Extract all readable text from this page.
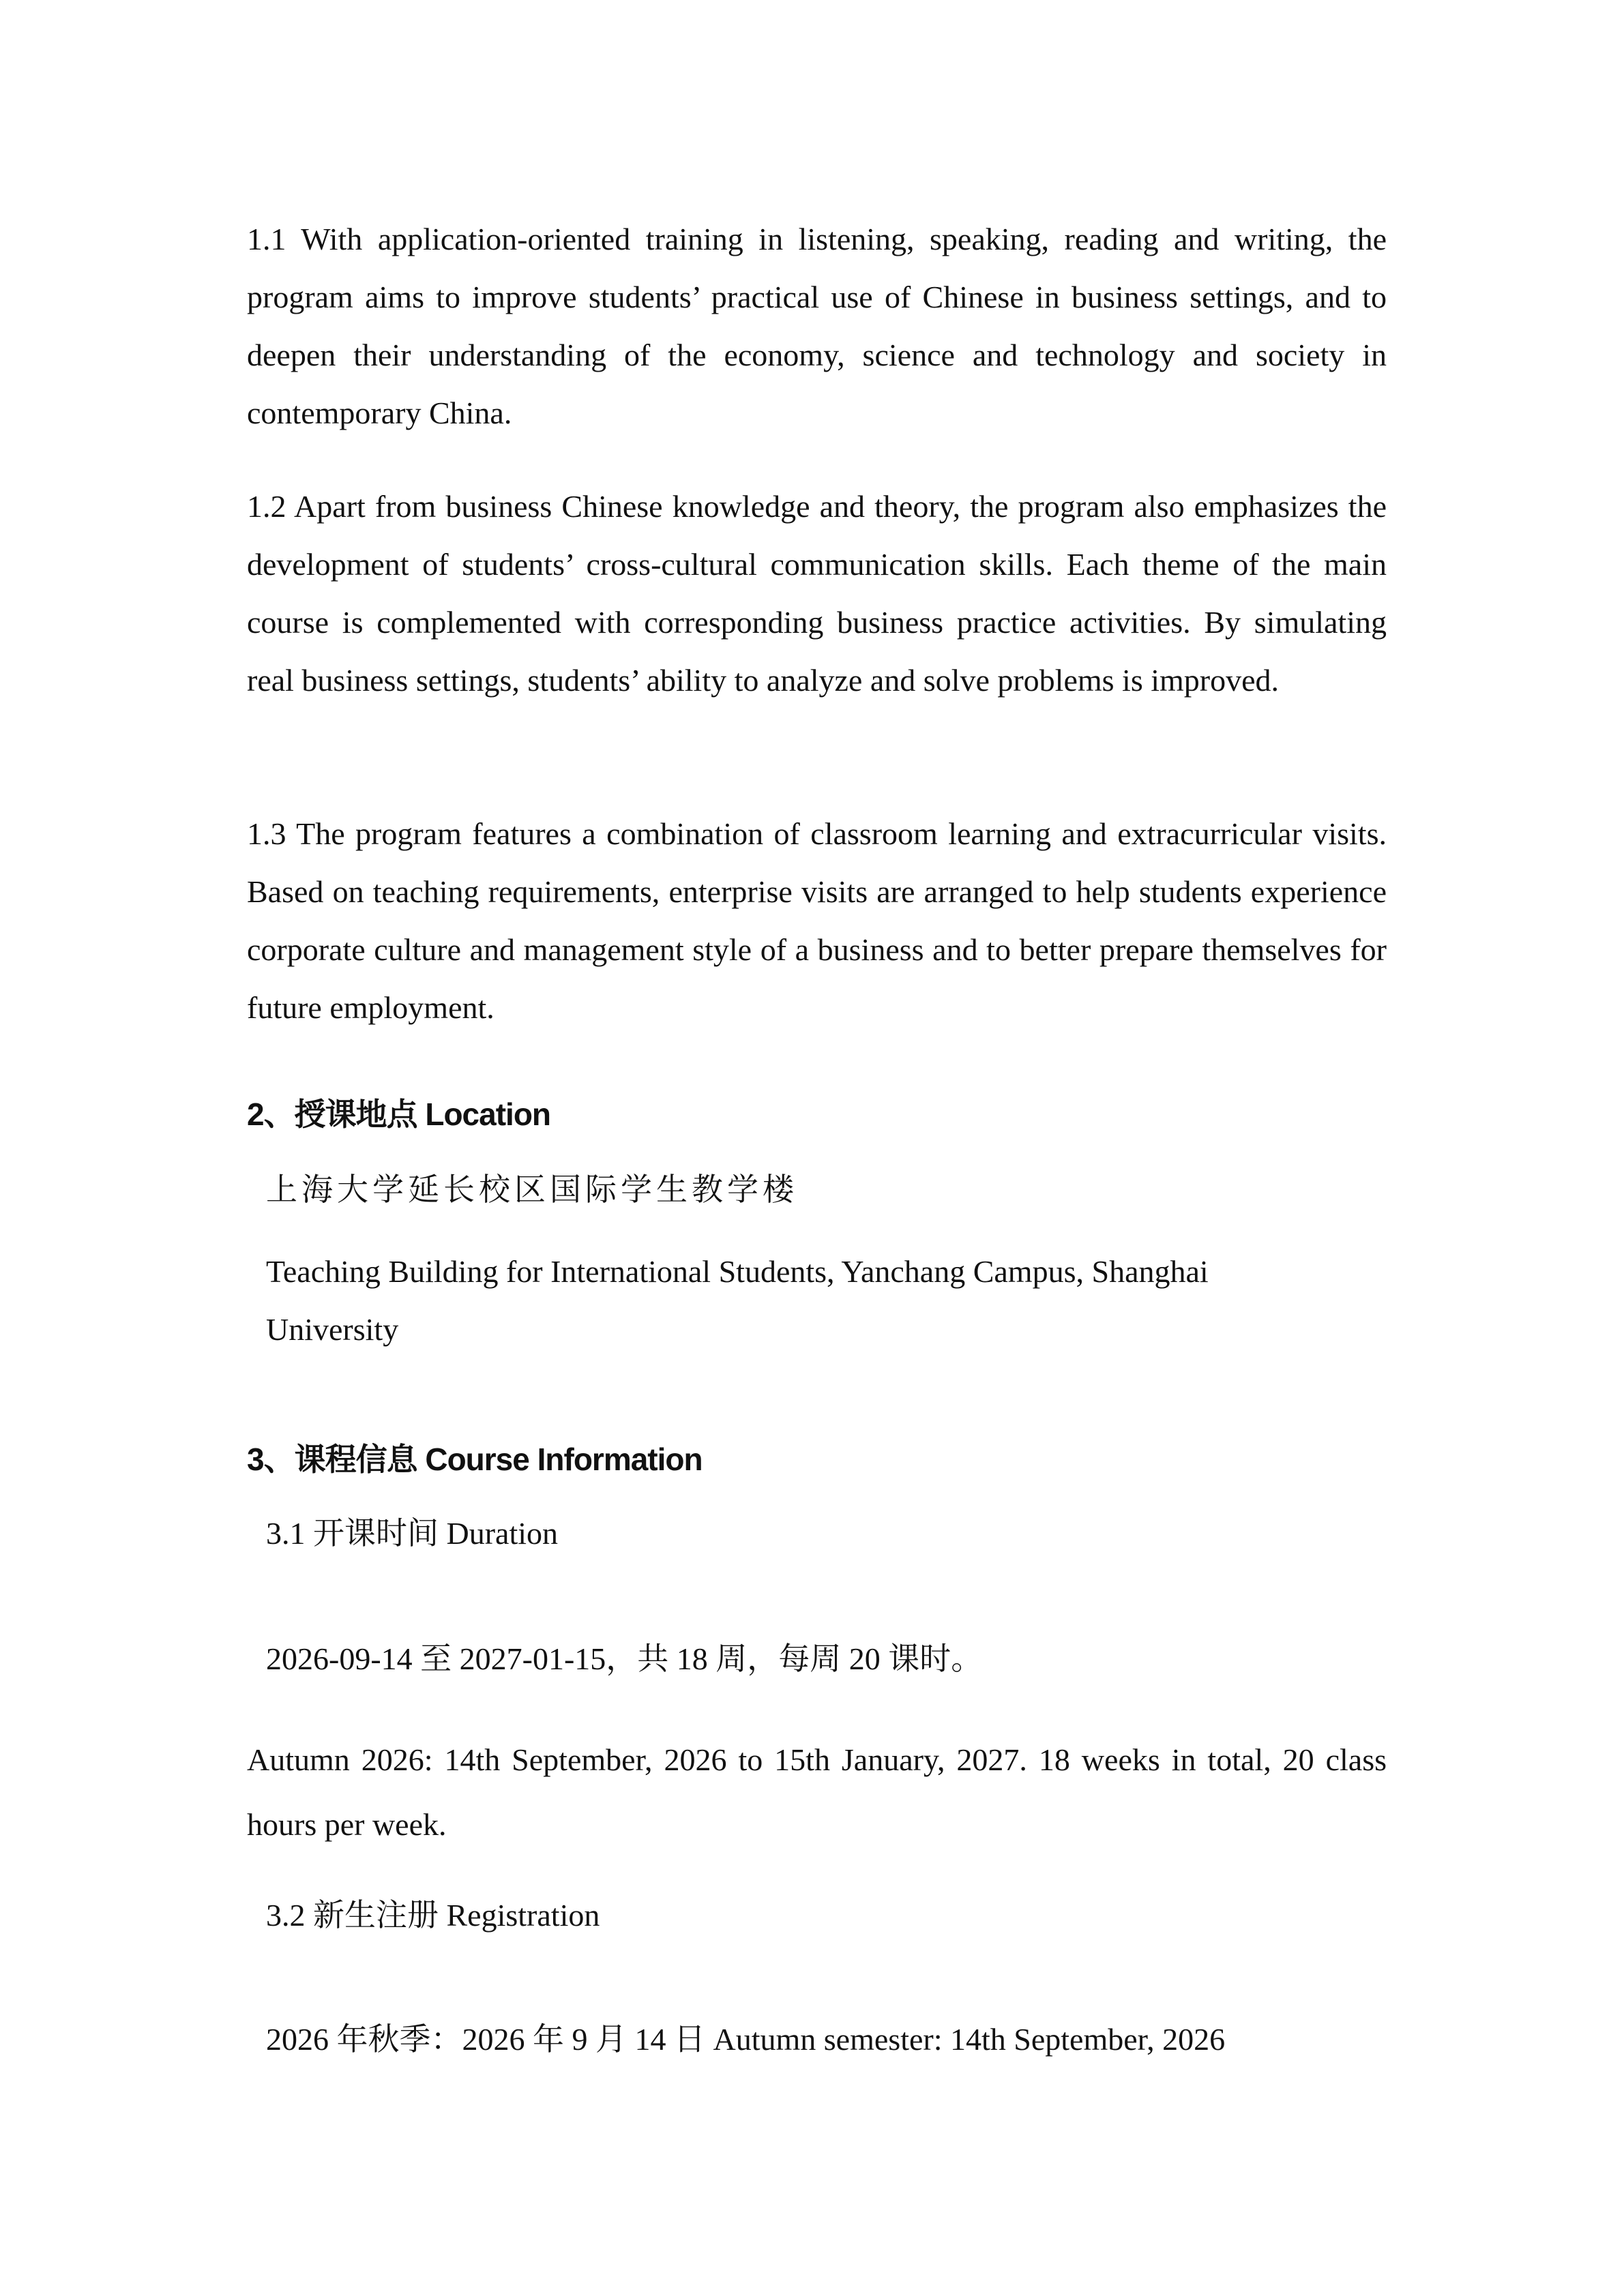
1.1 With application-oriented training in listening, speaking, reading and writing, the program aims to improve students’ practical use of Chinese in business settings, and to deepen their understanding of the economy, science and technology and society in contemporary China.

1.2 Apart from business Chinese knowledge and theory, the program also emphasizes the development of students’ cross-cultural communication skills. Each theme of the main course is complemented with corresponding business practice activities. By simulating real business settings, students’ ability to analyze and solve problems is improved.

1.3 The program features a combination of classroom learning and extracurricular visits. Based on teaching requirements, enterprise visits are arranged to help students experience corporate culture and management style of a business and to better prepare themselves for future employment.

2、授课地点 Location

上海大学延长校区国际学生教学楼

Teaching Building for International Students, Yanchang Campus, Shanghai

University

3、课程信息 Course Information

3.1 开课时间 Duration

2026-09-14 至 2027-01-15，共 18 周，每周 20 课时。

Autumn 2026: 14th September, 2026 to 15th January, 2027. 18 weeks in total, 20 class hours per week.

3.2 新生注册 Registration

2026 年秋季：2026 年 9 月 14 日 Autumn semester: 14th September, 2026
